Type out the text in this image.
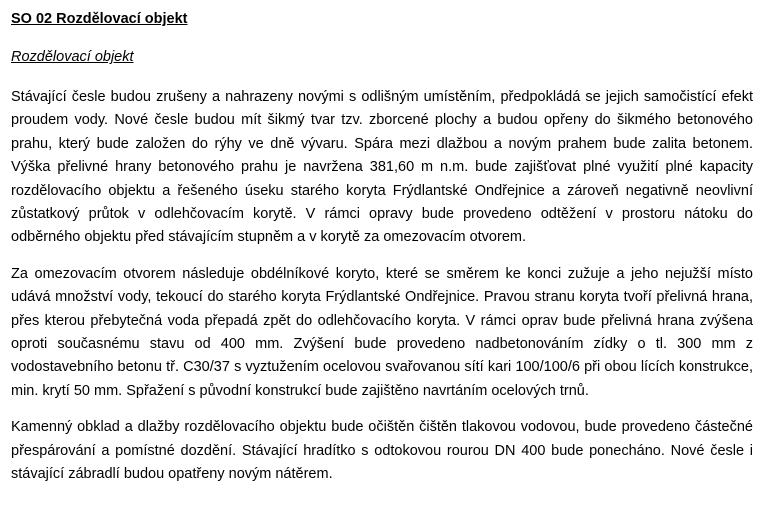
SO 02 Rozdělovací objekt

Rozdělovací objekt

Stávající česle budou zrušeny a nahrazeny novými s odlišným umístěním, předpokládá se jejich samočistící efekt proudem vody. Nové česle budou mít šikmý tvar tzv. zborcené plochy a budou opřeny do šikmého betonového prahu, který bude založen do rýhy ve dně vývaru. Spára mezi dlažbou a novým prahem bude zalita betonem. Výška přelivné hrany betonového prahu je navržena 381,60 m n.m. bude zajišťovat plné využití plné kapacity rozdělovacího objektu a řešeného úseku starého koryta Frýdlantské Ondřejnice a zároveň negativně neovlivní zůstatkový průtok v odlehčovacím korytě. V rámci opravy bude provedeno odtěžení v prostoru nátoku do odběrného objektu před stávajícím stupněm a v korytě za omezovacím otvorem.

Za omezovacím otvorem následuje obdélníkové koryto, které se směrem ke konci zužuje a jeho nejužší místo udává množství vody, tekoucí do starého koryta Frýdlantské Ondřejnice. Pravou stranu koryta tvoří přelivná hrana, přes kterou přebytečná voda přepadá zpět do odlehčovacího koryta. V rámci oprav bude přelivná hrana zvýšena oproti současnému stavu od 400 mm. Zvýšení bude provedeno nadbetonováním zídky o tl. 300 mm z vodostavebního betonu tř. C30/37 s vyztužením ocelovou svařovanou sítí kari 100/100/6 při obou lících konstrukce, min. krytí 50 mm. Spřažení s původní konstrukcí bude zajištěno navrtáním ocelových trnů.

Kamenný obklad a dlažby rozdělovacího objektu bude očištěn čištěn tlakovou vodovou, bude provedeno částečné přespárování a pomístné dozdění. Stávající hradítko s odtokovou rourou DN 400 bude ponecháno. Nové česle i stávající zábradlí budou opatřeny novým nátěrem.
